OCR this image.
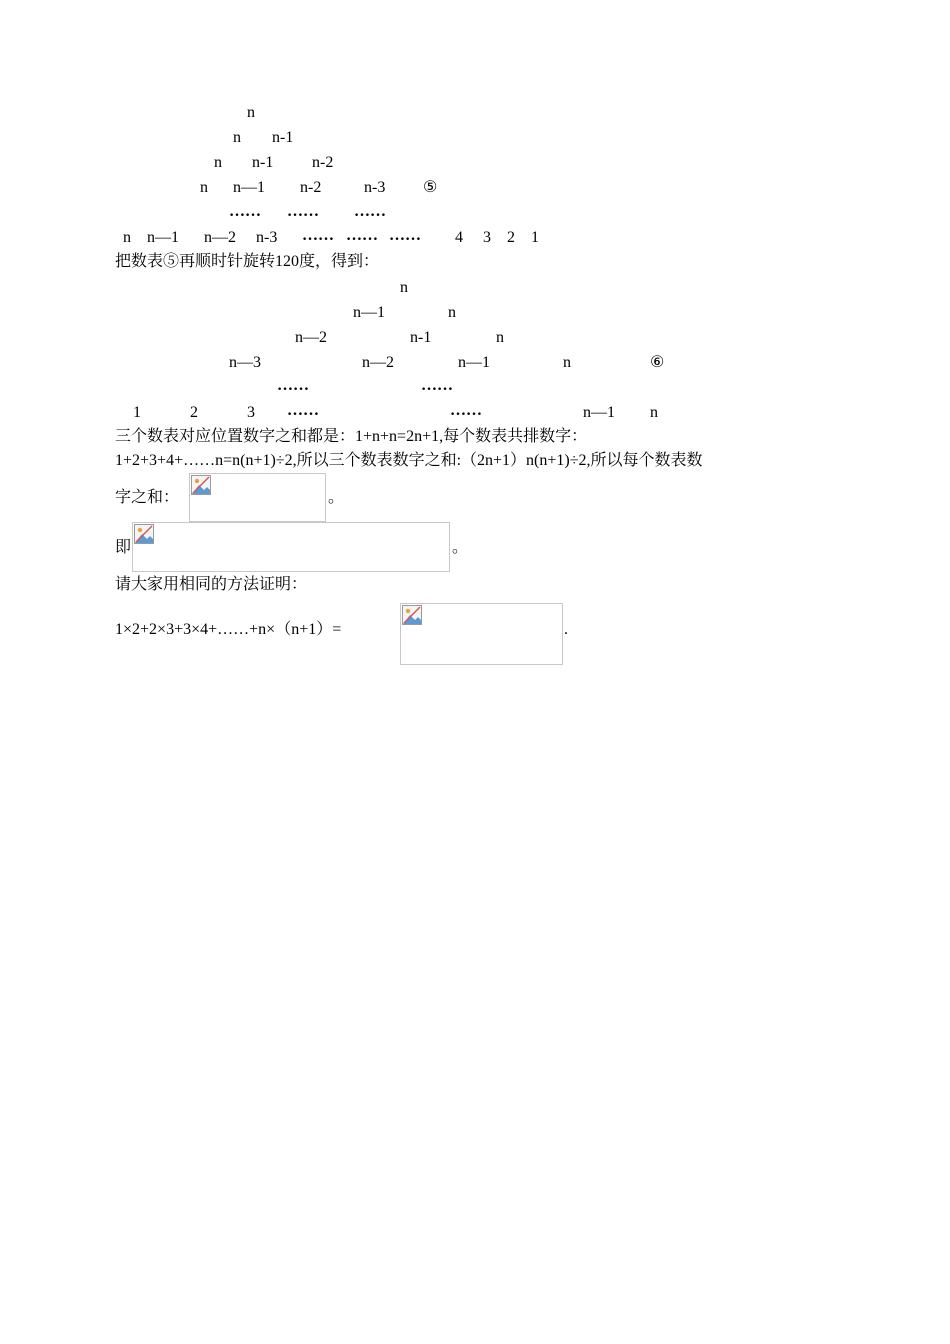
n
n n-1
n n-1 n-2
n n—1 n-2	n-3 ⑤
…… …… ……
n n—1 n—2 n-3 …… …… …… 4 3 2 1
把数表⑤再顺时针旋转120度，得到：
n
n—1	n
n—2	n-1	n
n—3	n—2	n—1	n	⑥
……	……
1	2	3 ……	……	n—1 n
三个数表对应位置数字之和都是：1+n+n=2n+1,每个数表共排数字：
1+2+3+4+……n=n(n+1)÷2,所以三个数表数字之和:（2n+1）n(n+1)÷2,所以每个数表数
字之和：	。
即	。
请大家用相同的方法证明：
1×2+2×3+3×4+……+n×（n+1）=	.
